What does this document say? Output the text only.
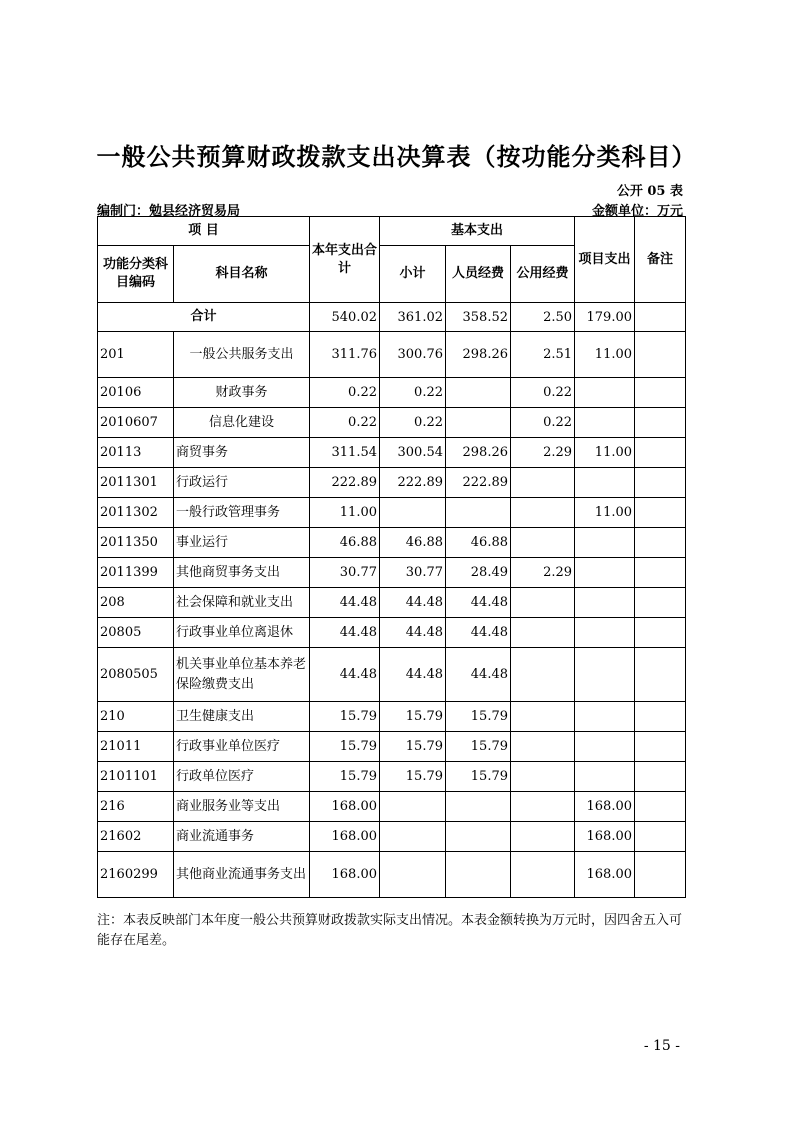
一般公共预算财政拨款支出决算表（按功能分类科目）
公开 05 表
编制门：勉县经济贸易局	金额单位：万元
项 目		本年支出合计	基本支出			项目支出	备注
功能分类科目编码	科目名称		小计	人员经费	公用经费		
合计		540.02	361.02	358.52	2.50	179.00	
201	一般公共服务支出	311.76	300.76	298.26	2.51	11.00	
20106	财政事务	0.22	0.22		0.22		
2010607	信息化建设	0.22	0.22		0.22		
20113	商贸事务	311.54	300.54	298.26	2.29	11.00	
2011301	行政运行	222.89	222.89	222.89			
2011302	一般行政管理事务	11.00				11.00	
2011350	事业运行	46.88	46.88	46.88			
2011399	其他商贸事务支出	30.77	30.77	28.49	2.29		
208	社会保障和就业支出	44.48	44.48	44.48			
20805	行政事业单位离退休	44.48	44.48	44.48			
2080505	机关事业单位基本养老保险缴费支出	44.48	44.48	44.48			
210	卫生健康支出	15.79	15.79	15.79			
21011	行政事业单位医疗	15.79	15.79	15.79			
2101101	行政单位医疗	15.79	15.79	15.79			
216	商业服务业等支出	168.00				168.00	
21602	商业流通事务	168.00				168.00	
2160299	其他商业流通事务支出	168.00				168.00	
注：本表反映部门本年度一般公共预算财政拨款实际支出情况。本表金额转换为万元时，因四舍五入可能存在尾差。
- 15 -
